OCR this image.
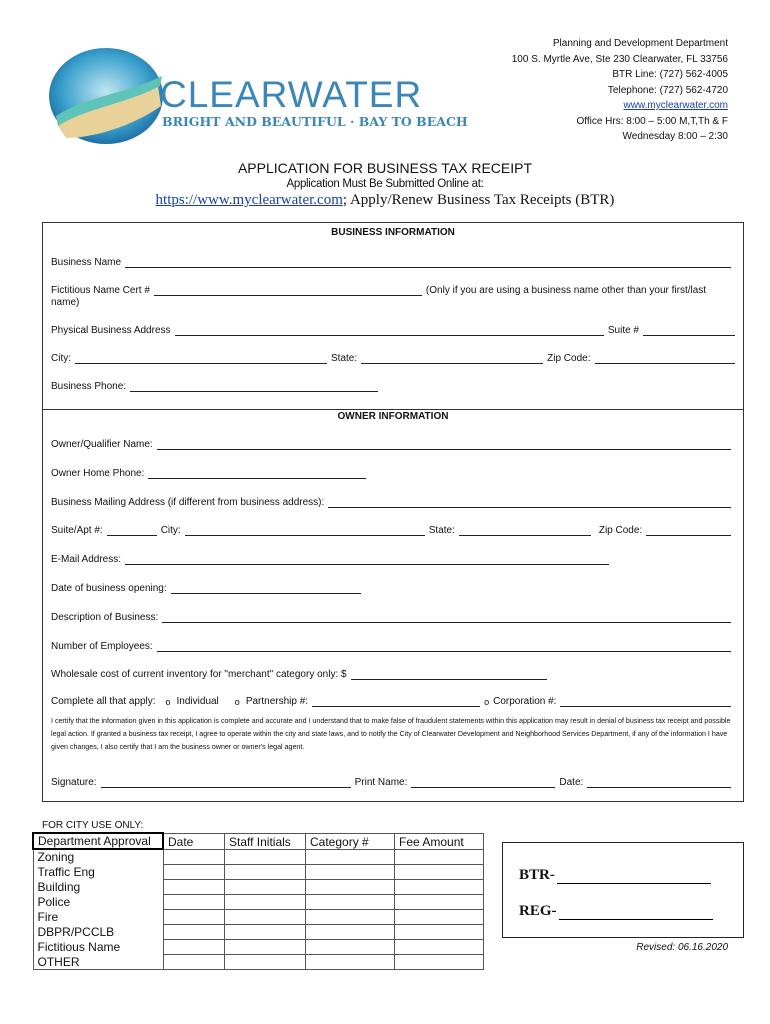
CLEARWATER
BRIGHT AND BEAUTIFUL · BAY TO BEACH
Planning and Development Department
100 S. Myrtle Ave, Ste 230 Clearwater, FL 33756
BTR Line: (727) 562-4005
Telephone: (727) 562-4720
www.myclearwater.com
Office Hrs: 8:00 – 5:00 M,T,Th & F
Wednesday 8:00 – 2:30
APPLICATION FOR BUSINESS TAX RECEIPT
Application Must Be Submitted Online at:
https://www.myclearwater.com; Apply/Renew Business Tax Receipts (BTR)
BUSINESS INFORMATION
Business Name
Fictitious Name Cert #	(Only if you are using a business name other than your first/last
name)
Physical Business Address	Suite #
City:	State:	Zip Code:
Business Phone:
OWNER INFORMATION
Owner/Qualifier Name:
Owner Home Phone:
Business Mailing Address (if different from business address):
Suite/Apt #:	City:	State:	Zip Code:
E-Mail Address:
Date of business opening:
Description of Business:
Number of Employees:
Wholesale cost of current inventory for "merchant" category only: $
Complete all that apply: o Individual o Partnership #:	o Corporation #:
I certify that the information given in this application is complete and accurate and I understand that to make false of fraudulent statements within this application may result in denial of business tax receipt and possible legal action. If granted a business tax receipt, I agree to operate within the city and state laws, and to notify the City of Clearwater Development and Neighborhood Services Department, if any of the information I have given changes, I also certify that I am the business owner or owner's legal agent.
Signature:	Print Name:	Date:
FOR CITY USE ONLY:
Department Approval	Date	Staff Initials	Category #	Fee Amount
Zoning				
Traffic Eng				
Building				
Police				
Fire				
DBPR/PCCLB				
Fictitious Name				
OTHER				
BTR-
REG-
Revised: 06.16.2020
